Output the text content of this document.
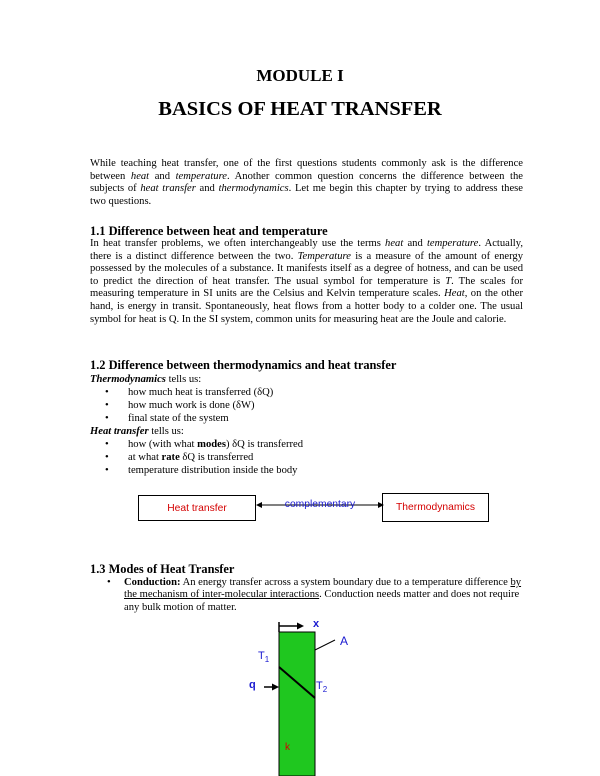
MODULE I
BASICS OF HEAT TRANSFER

While teaching heat transfer, one of the first questions students commonly ask is the difference between heat and temperature. Another common question concerns the difference between the subjects of heat transfer and thermodynamics. Let me begin this chapter by trying to address these two questions.

1.1 Difference between heat and temperature

In heat transfer problems, we often interchangeably use the terms heat and temperature. Actually, there is a distinct difference between the two. Temperature is a measure of the amount of energy possessed by the molecules of a substance. It manifests itself as a degree of hotness, and can be used to predict the direction of heat transfer. The usual symbol for temperature is T. The scales for measuring temperature in SI units are the Celsius and Kelvin temperature scales. Heat, on the other hand, is energy in transit. Spontaneously, heat flows from a hotter body to a colder one. The usual symbol for heat is Q. In the SI system, common units for measuring heat are the Joule and calorie.

1.2 Difference between thermodynamics and heat transfer
Thermodynamics tells us:
• how much heat is transferred (δQ)
• how much work is done (δW)
• final state of the system
Heat transfer tells us:
• how (with what modes) δQ is transferred
• at what rate δQ is transferred
• temperature distribution inside the body
Heat transfer	complementary	Thermodynamics
1.3 Modes of Heat Transfer
• Conduction: An energy transfer across a system boundary due to a temperature difference by the mechanism of inter-molecular interactions. Conduction needs matter and does not require any bulk motion of matter.
x
A
$T_1$
$T_2$
q
k
